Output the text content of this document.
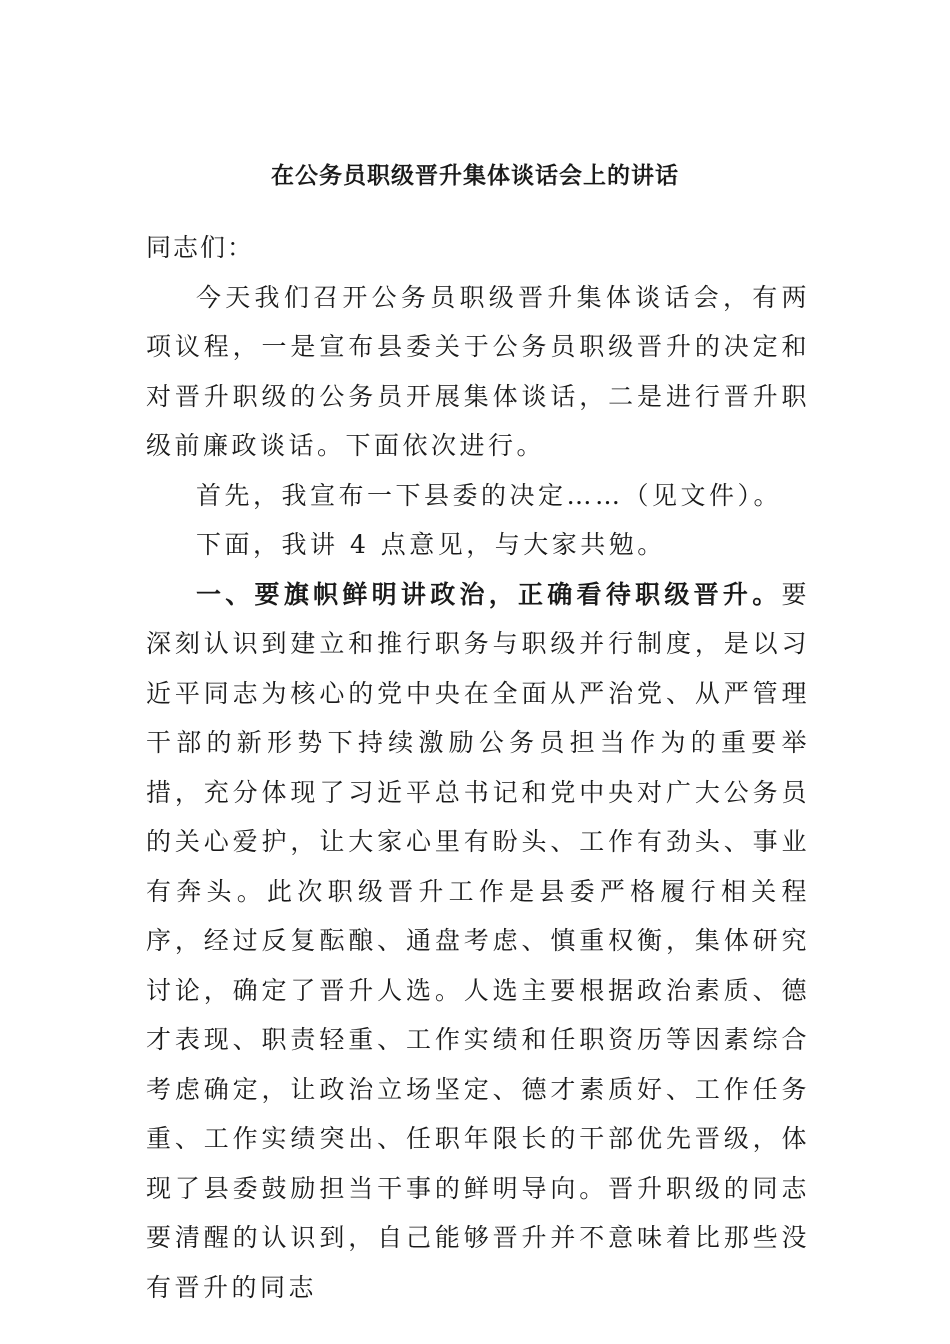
在公务员职级晋升集体谈话会上的讲话

同志们：

今天我们召开公务员职级晋升集体谈话会，有两项议程，一是宣布县委关于公务员职级晋升的决定和对晋升职级的公务员开展集体谈话，二是进行晋升职级前廉政谈话。下面依次进行。

首先，我宣布一下县委的决定……（见文件）。

下面，我讲 4 点意见，与大家共勉。

一、要旗帜鲜明讲政治，正确看待职级晋升。要深刻认识到建立和推行职务与职级并行制度，是以习近平同志为核心的党中央在全面从严治党、从严管理干部的新形势下持续激励公务员担当作为的重要举措，充分体现了习近平总书记和党中央对广大公务员的关心爱护，让大家心里有盼头、工作有劲头、事业有奔头。此次职级晋升工作是县委严格履行相关程序，经过反复酝酿、通盘考虑、慎重权衡，集体研究讨论，确定了晋升人选。人选主要根据政治素质、德才表现、职责轻重、工作实绩和任职资历等因素综合考虑确定，让政治立场坚定、德才素质好、工作任务重、工作实绩突出、任职年限长的干部优先晋级，体现了县委鼓励担当干事的鲜明导向。晋升职级的同志要清醒的认识到，自己能够晋升并不意味着比那些没有晋升的同志
